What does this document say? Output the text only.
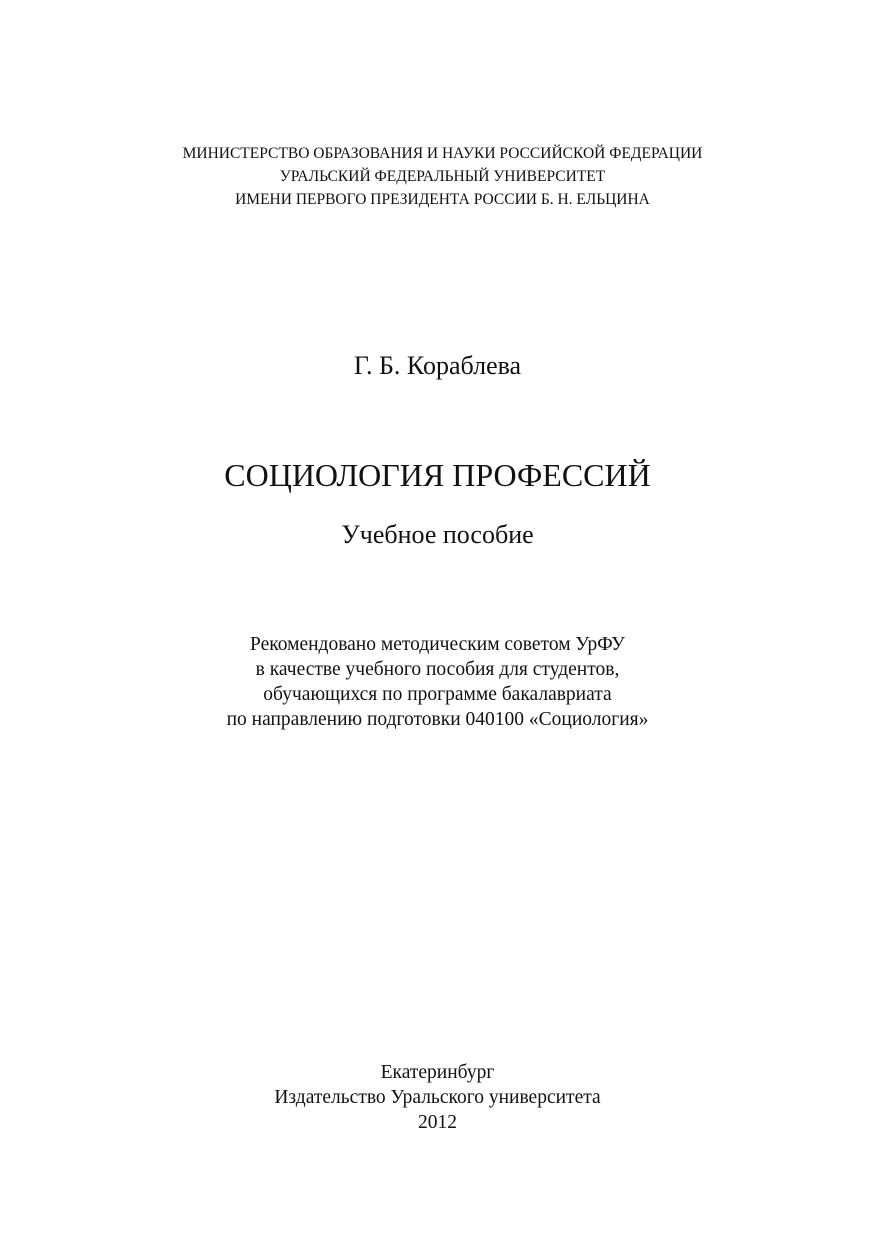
МИНИСТЕРСТВО ОБРАЗОВАНИЯ И НАУКИ РОССИЙСКОЙ ФЕДЕРАЦИИ
УРАЛЬСКИЙ ФЕДЕРАЛЬНЫЙ УНИВЕРСИТЕТ
ИМЕНИ ПЕРВОГО ПРЕЗИДЕНТА РОССИИ Б. Н. ЕЛЬЦИНА
Г. Б. Кораблева
СОЦИОЛОГИЯ ПРОФЕССИЙ
Учебное пособие
Рекомендовано методическим советом УрФУ
в качестве учебного пособия для студентов,
обучающихся по программе бакалавриата
по направлению подготовки 040100 «Социология»
Екатеринбург
Издательство Уральского университета
2012
